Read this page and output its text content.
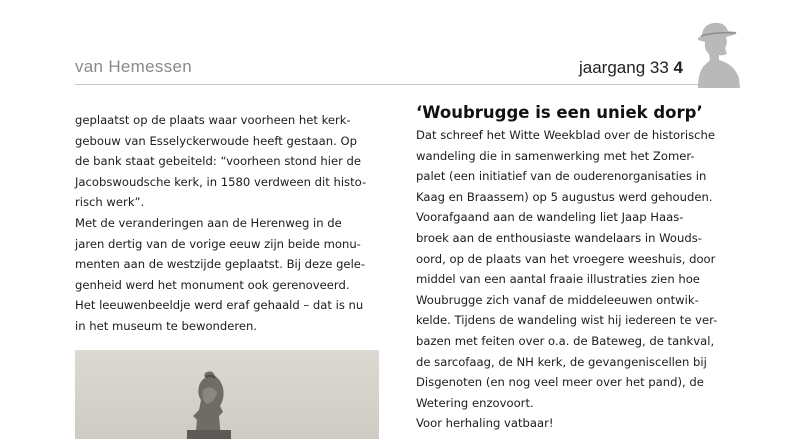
van Hemessen	jaargang 33 4

geplaatst op de plaats waar voorheen het kerk-

gebouw van Esselyckerwoude heeft gestaan. Op

de bank staat gebeiteld: “voorheen stond hier de

Jacobswoudsche kerk, in 1580 verdween dit histo-

risch werk”.

Met de veranderingen aan de Herenweg in de

jaren dertig van de vorige eeuw zijn beide monu-

menten aan de westzijde geplaatst. Bij deze gele-

genheid werd het monument ook gerenoveerd.

Het leeuwenbeeldje werd eraf gehaald – dat is nu

in het museum te bewonderen.

‘Woubrugge is een uniek dorp’

Dat schreef het Witte Weekblad over de historische

wandeling die in samenwerking met het Zomer-

palet (een initiatief van de ouderenorganisaties in

Kaag en Braassem) op 5 augustus werd gehouden.

Voorafgaand aan de wandeling liet Jaap Haas-

broek aan de enthousiaste wandelaars in Wouds-

oord, op de plaats van het vroegere weeshuis, door

middel van een aantal fraaie illustraties zien hoe

Woubrugge zich vanaf de middeleeuwen ontwik-

kelde. Tijdens de wandeling wist hij iedereen te ver-

bazen met feiten over o.a. de Bateweg, de tankval,

de sarcofaag, de NH kerk, de gevangeniscellen bij

Disgenoten (en nog veel meer over het pand), de

Wetering enzovoort.

Voor herhaling vatbaar!
